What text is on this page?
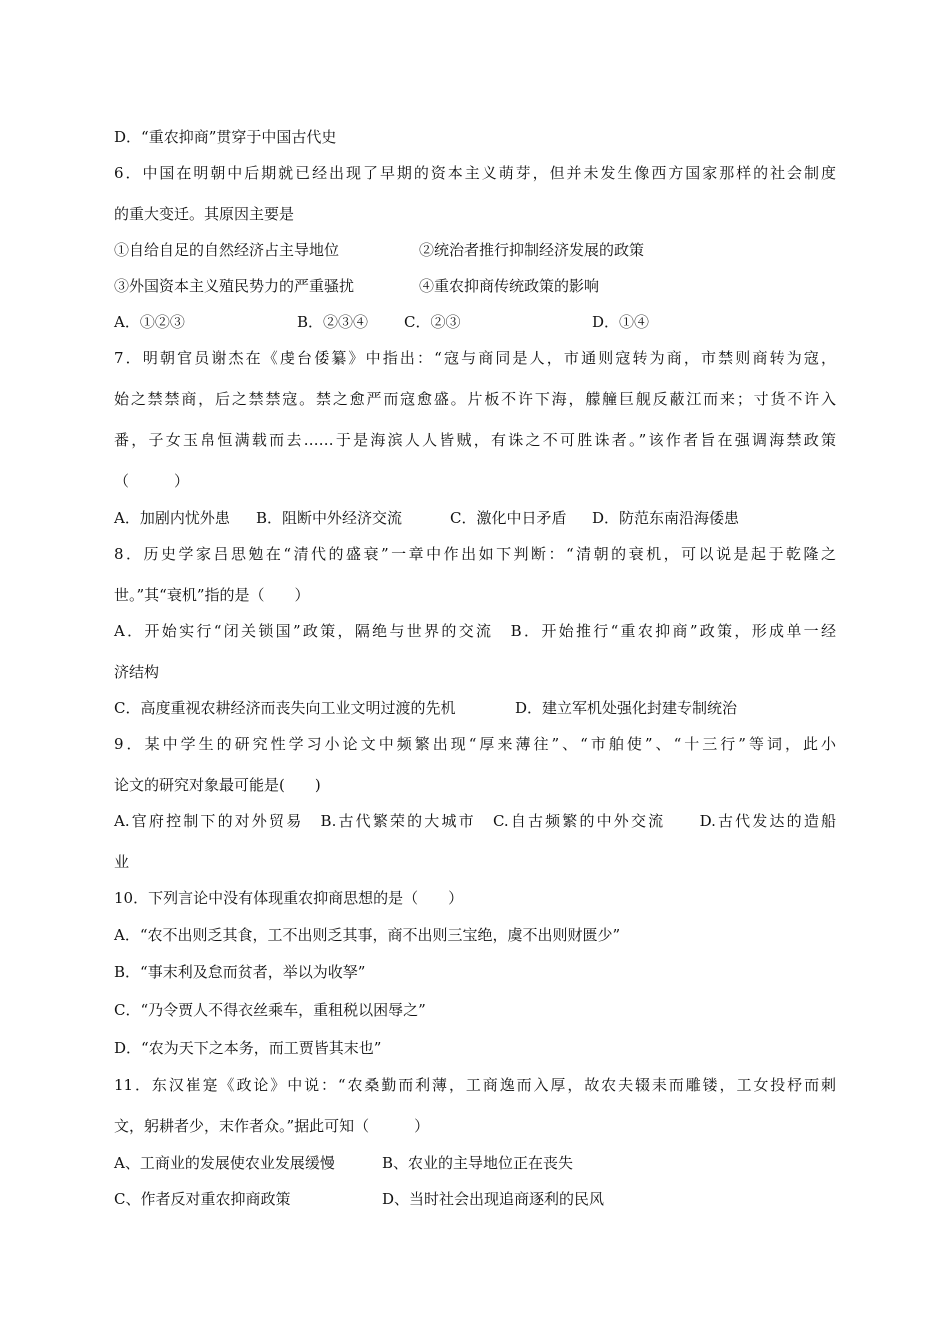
D．“重农抑商”贯穿于中国古代史
6．中国在明朝中后期就已经出现了早期的资本主义萌芽，但并未发生像西方国家那样的社会制度
的重大变迁。其原因主要是
①自给自足的自然经济占主导地位	②统治者推行抑制经济发展的政策
③外国资本主义殖民势力的严重骚扰	④重农抑商传统政策的影响
A．①②③	B．②③④ C．②③	D．①④
7．明朝官员谢杰在《虔台倭纂》中指出：“寇与商同是人，市通则寇转为商，市禁则商转为寇，
始之禁禁商，后之禁禁寇。禁之愈严而寇愈盛。片板不许下海，艨艟巨舰反蔽江而来；寸货不许入
番，子女玉帛恒满载而去……于是海滨人人皆贼，有诛之不可胜诛者。”该作者旨在强调海禁政策
（　　　）
A．加剧内忧外患 B．阻断中外经济交流	C．激化中日矛盾 D．防范东南沿海倭患
8．历史学家吕思勉在“清代的盛衰”一章中作出如下判断：“清朝的衰机，可以说是起于乾隆之
世。”其“衰机”指的是（　　）
A．开始实行“闭关锁国”政策，隔绝与世界的交流　B．开始推行“重农抑商”政策，形成单一经
济结构
C．高度重视农耕经济而丧失向工业文明过渡的先机	D．建立军机处强化封建专制统治
9．某中学生的研究性学习小论文中频繁出现“厚来薄往”、“市舶使”、“十三行”等词，此小
论文的研究对象最可能是(　　)
A.官府控制下的对外贸易　B.古代繁荣的大城市　C.自古频繁的中外交流　　D.古代发达的造船
业
10．下列言论中没有体现重农抑商思想的是（　　）
A．“农不出则乏其食，工不出则乏其事，商不出则三宝绝，虞不出则财匮少”
B．“事末利及怠而贫者，举以为收孥”
C．“乃令贾人不得衣丝乘车，重租税以困辱之”
D．“农为天下之本务，而工贾皆其末也”
11．东汉崔寔《政论》中说：“农桑勤而利薄，工商逸而入厚，故农夫辍耒而雕镂，工女投杼而刺
文，躬耕者少，末作者众。”据此可知（　　　）
A、工商业的发展使农业发展缓慢	B、农业的主导地位正在丧失
C、作者反对重农抑商政策	D、当时社会出现追商逐利的民风
